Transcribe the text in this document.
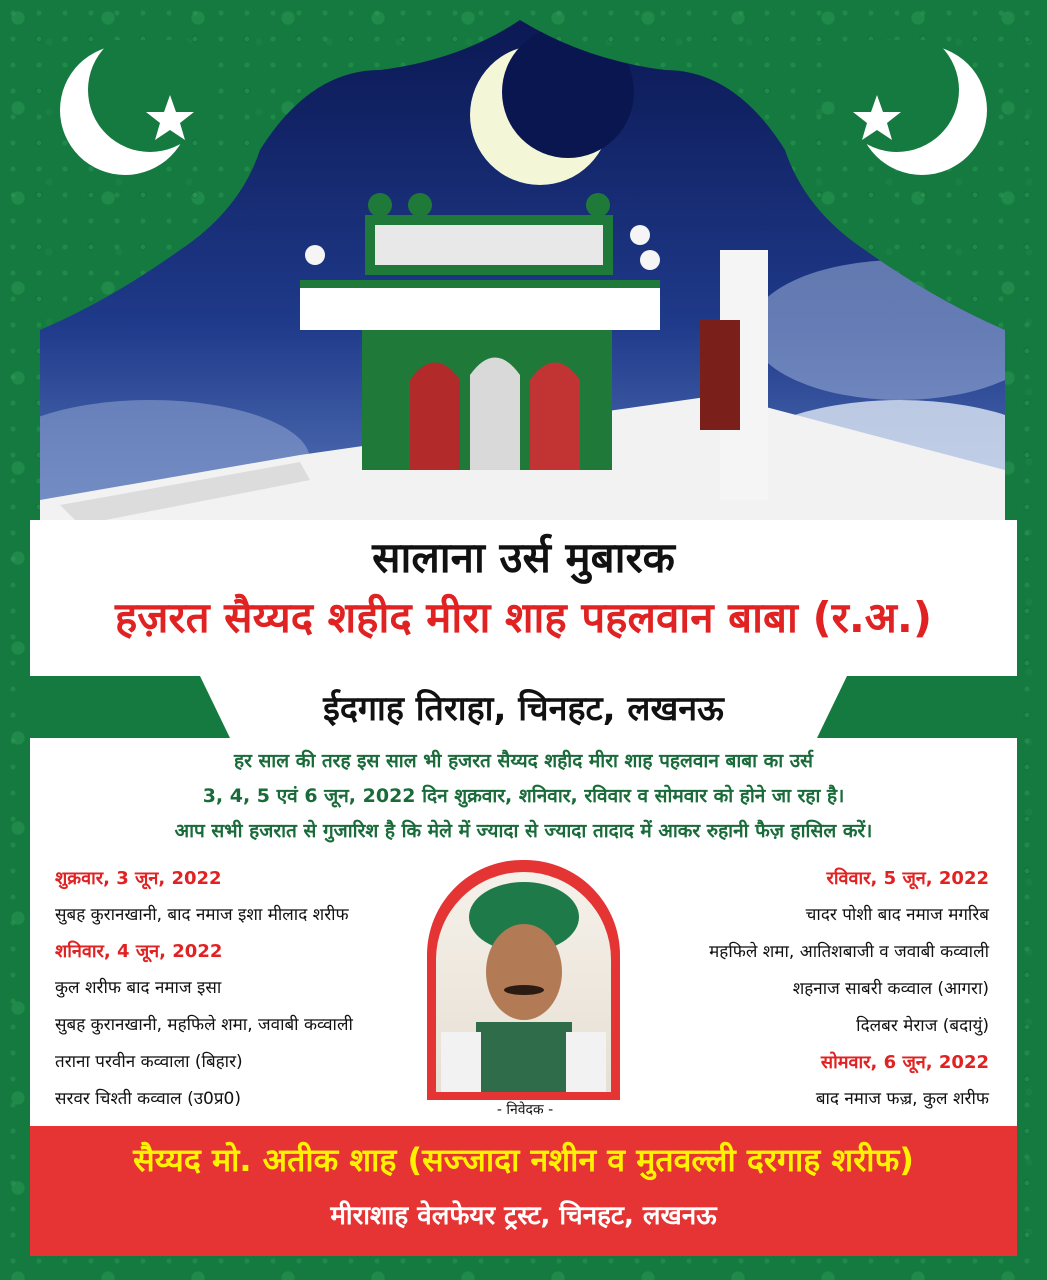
सालाना उर्स मुबारक
हज़रत सैय्यद शहीद मीरा शाह पहलवान बाबा (र.अ.)
ईदगाह तिराहा, चिनहट, लखनऊ
हर साल की तरह इस साल भी हजरत सैय्यद शहीद मीरा शाह पहलवान बाबा का उर्स
3, 4, 5 एवं 6 जून, 2022 दिन शुक्रवार, शनिवार, रविवार व सोमवार को होने जा रहा है।
आप सभी हजरात से गुजारिश है कि मेले में ज्यादा से ज्यादा तादाद में आकर रुहानी फैज़ हासिल करें।
शुक्रवार, 3 जून, 2022
सुबह कुरानखानी, बाद नमाज इशा मीलाद शरीफ
शनिवार, 4 जून, 2022
कुल शरीफ बाद नमाज इसा
सुबह कुरानखानी, महफिले शमा, जवाबी कव्वाली
तराना परवीन कव्वाला (बिहार)
सरवर चिश्ती कव्वाल (उ0प्र0)
रविवार, 5 जून, 2022
चादर पोशी बाद नमाज मगरिब
महफिले शमा, आतिशबाजी व जवाबी कव्वाली
शहनाज साबरी कव्वाल (आगरा)
दिलबर मेराज (बदायुं)
सोमवार, 6 जून, 2022
बाद नमाज फज़्र, कुल शरीफ
- निवेदक -
सैय्यद मो. अतीक शाह (सज्जादा नशीन व मुतवल्ली दरगाह शरीफ)
मीराशाह वेलफेयर ट्रस्ट, चिनहट, लखनऊ
